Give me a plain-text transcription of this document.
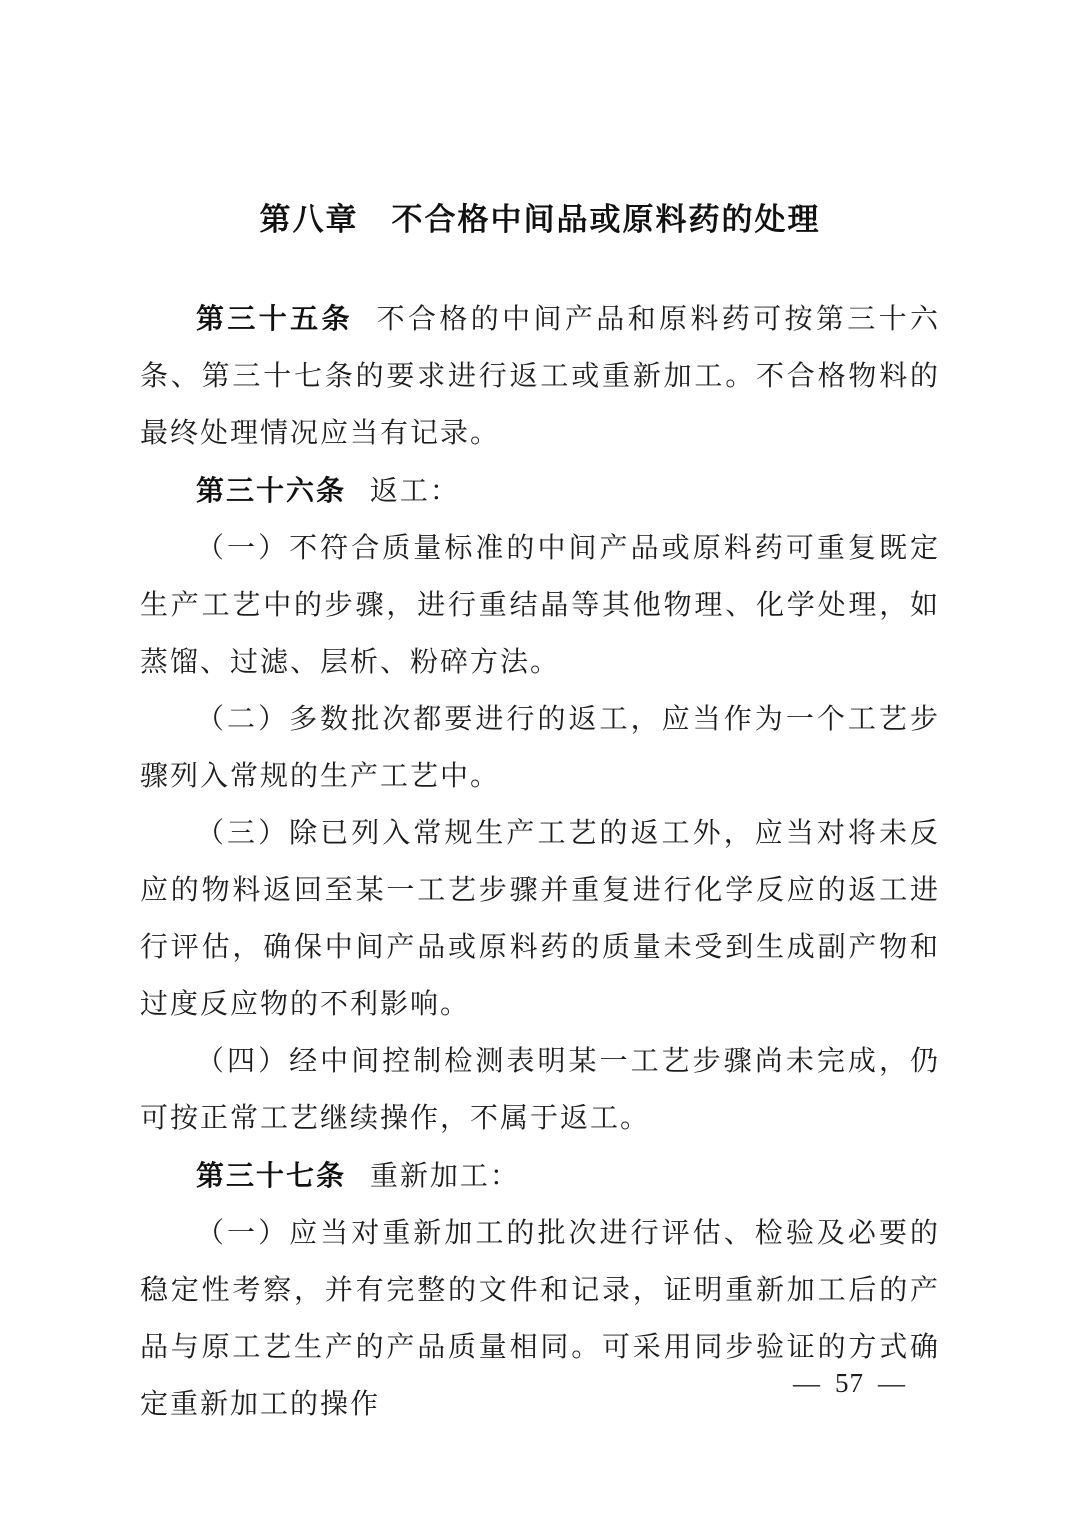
第八章　不合格中间品或原料药的处理

第三十五条 不合格的中间产品和原料药可按第三十六条、第三十七条的要求进行返工或重新加工。不合格物料的最终处理情况应当有记录。

第三十六条 返工：

（一）不符合质量标准的中间产品或原料药可重复既定生产工艺中的步骤，进行重结晶等其他物理、化学处理，如蒸馏、过滤、层析、粉碎方法。

（二）多数批次都要进行的返工，应当作为一个工艺步骤列入常规的生产工艺中。

（三）除已列入常规生产工艺的返工外，应当对将未反应的物料返回至某一工艺步骤并重复进行化学反应的返工进行评估，确保中间产品或原料药的质量未受到生成副产物和过度反应物的不利影响。

（四）经中间控制检测表明某一工艺步骤尚未完成，仍可按正常工艺继续操作，不属于返工。

第三十七条 重新加工：

（一）应当对重新加工的批次进行评估、检验及必要的稳定性考察，并有完整的文件和记录，证明重新加工后的产品与原工艺生产的产品质量相同。可采用同步验证的方式确定重新加工的操作

— 57 —
